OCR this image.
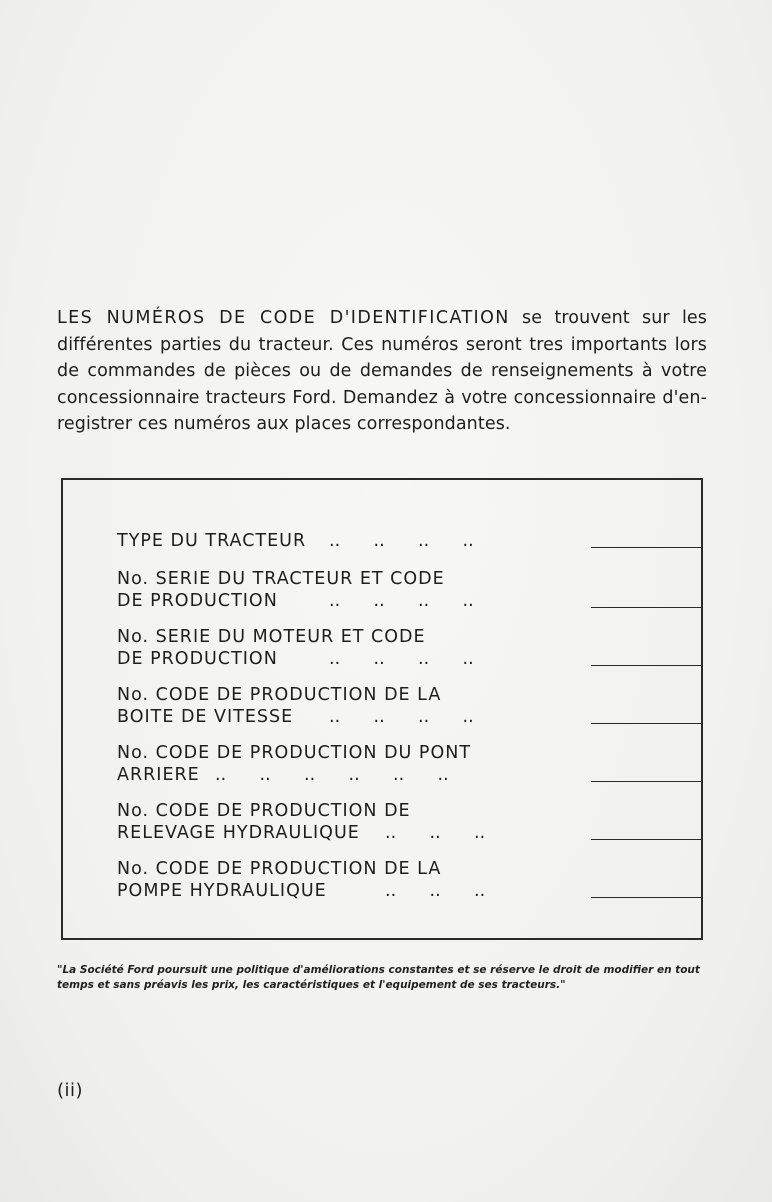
LES NUMÉROS DE CODE D'IDENTIFICATION se trouvent sur les différentes parties du tracteur. Ces numéros seront tres importants lors de commandes de pièces ou de demandes de renseignements à votre concessionnaire tracteurs Ford. Demandez à votre concessionnaire d'en-registrer ces numéros aux places correspondantes.

TYPE DU TRACTEUR ..      ..      ..      ..
No. SERIE DU TRACTEUR ET CODE
DE PRODUCTION	..      ..      ..      ..
No. SERIE DU MOTEUR ET CODE
DE PRODUCTION	..      ..      ..      ..
No. CODE DE PRODUCTION DE LA
BOITE DE VITESSE ..      ..      ..      ..
No. CODE DE PRODUCTION DU PONT
ARRIERE ..      ..      ..      ..      ..      ..
No. CODE DE PRODUCTION DE
RELEVAGE HYDRAULIQUE ..      ..      ..
No. CODE DE PRODUCTION DE LA
POMPE HYDRAULIQUE	..      ..      ..
"La Société Ford poursuit une politique d'améliorations constantes et se réserve le droit de modifier en tout temps et sans préavis les prix, les caractéristiques et l'equipement de ses tracteurs."
(ii)
